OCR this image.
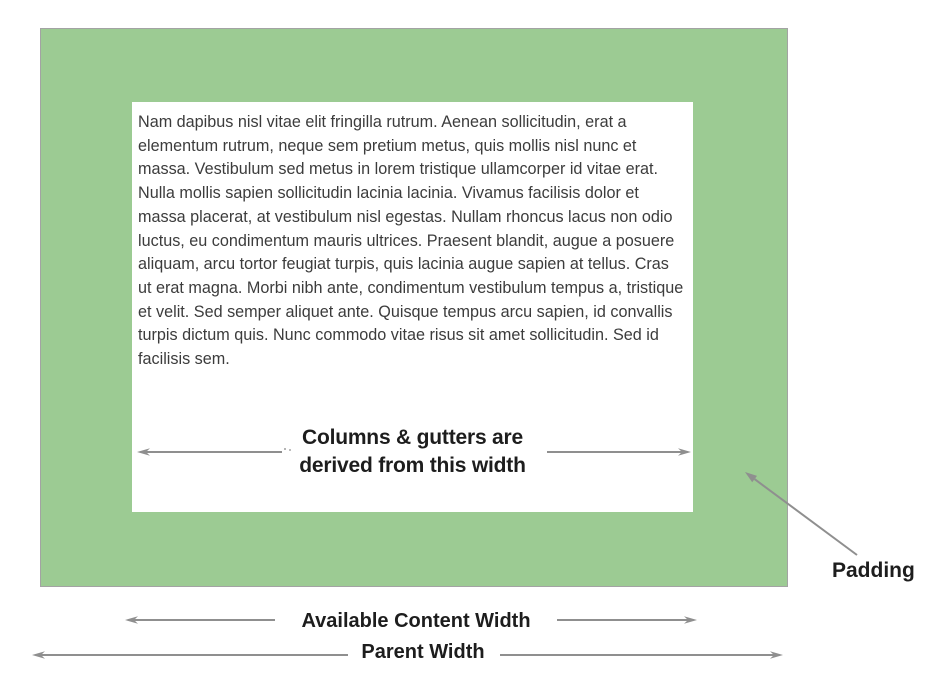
Nam dapibus nisl vitae elit fringilla rutrum. Aenean sollicitudin, erat a elementum rutrum, neque sem pretium metus, quis mollis nisl nunc et massa. Vestibulum sed metus in lorem tristique ullamcorper id vitae erat. Nulla mollis sapien sollicitudin lacinia lacinia. Vivamus facilisis dolor et massa placerat, at vestibulum nisl egestas. Nullam rhoncus lacus non odio luctus, eu condimentum mauris ultrices. Praesent blandit, augue a posuere aliquam, arcu tortor feugiat turpis, quis lacinia augue sapien at tellus. Cras ut erat magna. Morbi nibh ante, condimentum vestibulum tempus a, tristique et velit. Sed semper aliquet ante. Quisque tempus arcu sapien, id convallis turpis dictum quis. Nunc commodo vitae risus sit amet sollicitudin. Sed id facilisis sem.

Columns & gutters are
derived from this width
Padding
Available Content Width
Parent Width
